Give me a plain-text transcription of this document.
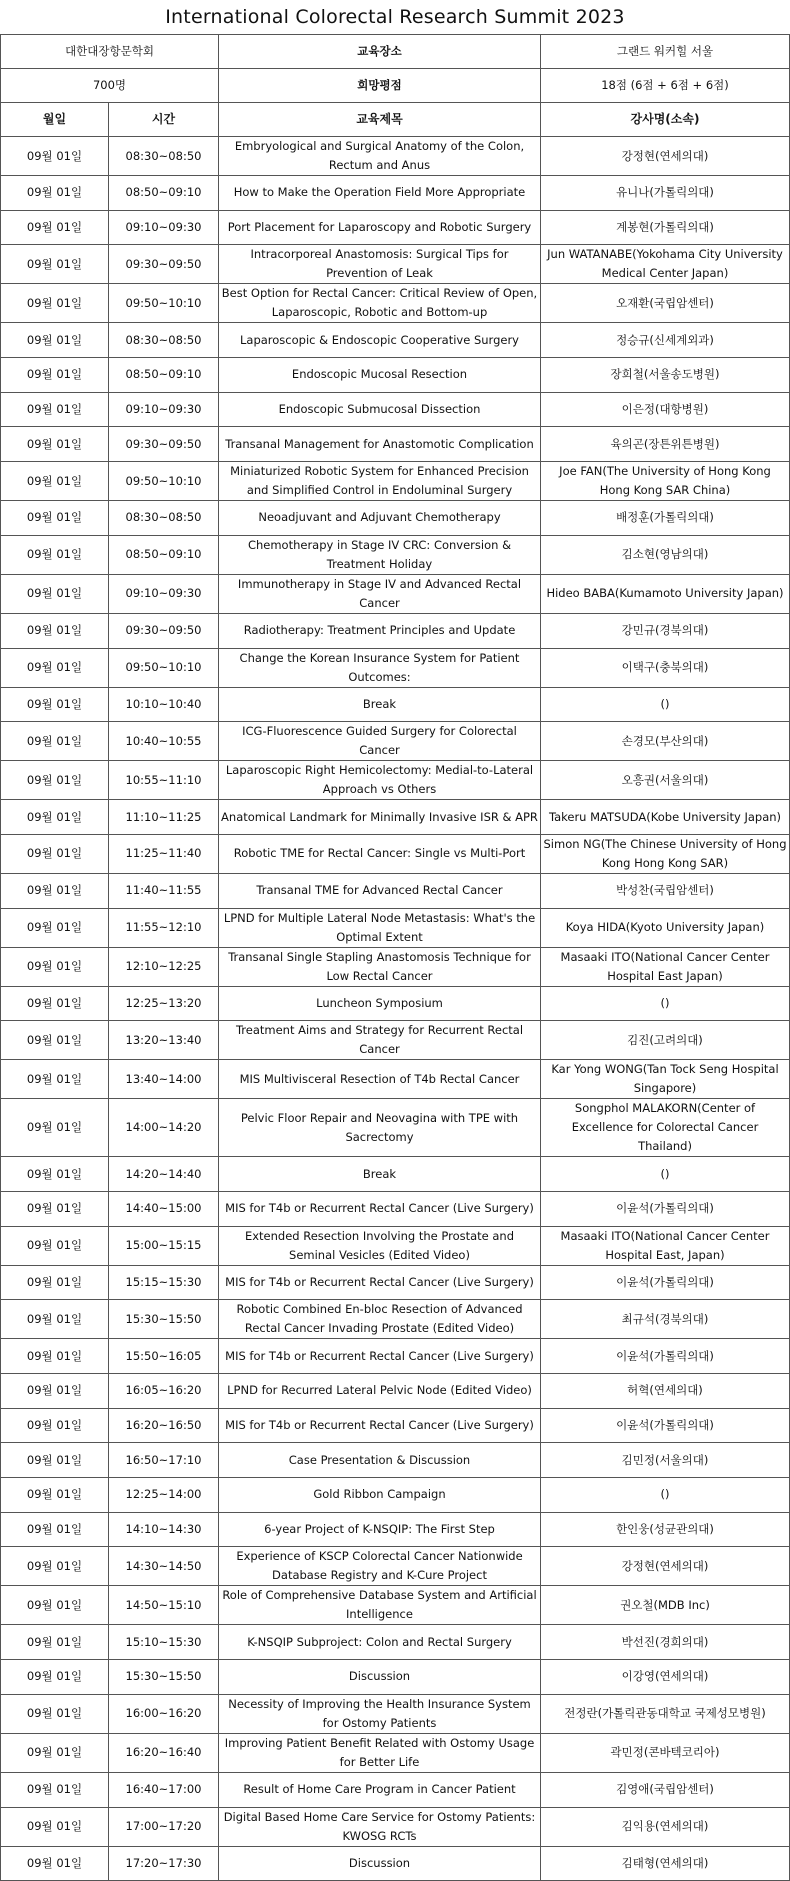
International Colorectal Research Summit 2023
대한대장항문학회		교육장소	그랜드 워커힐 서울
700명		희망평점	18점 (6점 + 6점 + 6점)
월일	시간	교육제목	강사명(소속)
09월 01일	08:30~08:50	Embryological and Surgical Anatomy of the Colon, Rectum and Anus	강정현(연세의대)
09월 01일	08:50~09:10	How to Make the Operation Field More Appropriate	유니나(가톨릭의대)
09월 01일	09:10~09:30	Port Placement for Laparoscopy and Robotic Surgery	계봉현(가톨릭의대)
09월 01일	09:30~09:50	Intracorporeal Anastomosis: Surgical Tips for Prevention of Leak	Jun WATANABE(Yokohama City University Medical Center Japan)
09월 01일	09:50~10:10	Best Option for Rectal Cancer: Critical Review of Open, Laparoscopic, Robotic and Bottom-up	오재환(국립암센터)
09월 01일	08:30~08:50	Laparoscopic & Endoscopic Cooperative Surgery	정승규(신세계외과)
09월 01일	08:50~09:10	Endoscopic Mucosal Resection	장희철(서울송도병원)
09월 01일	09:10~09:30	Endoscopic Submucosal Dissection	이은정(대항병원)
09월 01일	09:30~09:50	Transanal Management for Anastomotic Complication	육의곤(장튼위튼병원)
09월 01일	09:50~10:10	Miniaturized Robotic System for Enhanced Precision and Simplified Control in Endoluminal Surgery	Joe FAN(The University of Hong Kong Hong Kong SAR China)
09월 01일	08:30~08:50	Neoadjuvant and Adjuvant Chemotherapy	배정훈(가톨릭의대)
09월 01일	08:50~09:10	Chemotherapy in Stage IV CRC: Conversion & Treatment Holiday	김소현(영남의대)
09월 01일	09:10~09:30	Immunotherapy in Stage IV and Advanced Rectal Cancer	Hideo BABA(Kumamoto University Japan)
09월 01일	09:30~09:50	Radiotherapy: Treatment Principles and Update	강민규(경북의대)
09월 01일	09:50~10:10	Change the Korean Insurance System for Patient Outcomes:	이택구(충북의대)
09월 01일	10:10~10:40	Break	()
09월 01일	10:40~10:55	ICG-Fluorescence Guided Surgery for Colorectal Cancer	손경모(부산의대)
09월 01일	10:55~11:10	Laparoscopic Right Hemicolectomy: Medial-to-Lateral Approach vs Others	오흥권(서울의대)
09월 01일	11:10~11:25	Anatomical Landmark for Minimally Invasive ISR & APR	Takeru MATSUDA(Kobe University Japan)
09월 01일	11:25~11:40	Robotic TME for Rectal Cancer: Single vs Multi-Port	Simon NG(The Chinese University of Hong Kong Hong Kong SAR)
09월 01일	11:40~11:55	Transanal TME for Advanced Rectal Cancer	박성찬(국립암센터)
09월 01일	11:55~12:10	LPND for Multiple Lateral Node Metastasis: What's the Optimal Extent	Koya HIDA(Kyoto University Japan)
09월 01일	12:10~12:25	Transanal Single Stapling Anastomosis Technique for Low Rectal Cancer	Masaaki ITO(National Cancer Center Hospital East Japan)
09월 01일	12:25~13:20	Luncheon Symposium	()
09월 01일	13:20~13:40	Treatment Aims and Strategy for Recurrent Rectal Cancer	김진(고려의대)
09월 01일	13:40~14:00	MIS Multivisceral Resection of T4b Rectal Cancer	Kar Yong WONG(Tan Tock Seng Hospital Singapore)
09월 01일	14:00~14:20	Pelvic Floor Repair and Neovagina with TPE with Sacrectomy	Songphol MALAKORN(Center of Excellence for Colorectal Cancer Thailand)
09월 01일	14:20~14:40	Break	()
09월 01일	14:40~15:00	MIS for T4b or Recurrent Rectal Cancer (Live Surgery)	이윤석(가톨릭의대)
09월 01일	15:00~15:15	Extended Resection Involving the Prostate and Seminal Vesicles (Edited Video)	Masaaki ITO(National Cancer Center Hospital East, Japan)
09월 01일	15:15~15:30	MIS for T4b or Recurrent Rectal Cancer (Live Surgery)	이윤석(가톨릭의대)
09월 01일	15:30~15:50	Robotic Combined En-bloc Resection of Advanced Rectal Cancer Invading Prostate (Edited Video)	최규석(경북의대)
09월 01일	15:50~16:05	MIS for T4b or Recurrent Rectal Cancer (Live Surgery)	이윤석(가톨릭의대)
09월 01일	16:05~16:20	LPND for Recurred Lateral Pelvic Node (Edited Video)	허혁(연세의대)
09월 01일	16:20~16:50	MIS for T4b or Recurrent Rectal Cancer (Live Surgery)	이윤석(가톨릭의대)
09월 01일	16:50~17:10	Case Presentation & Discussion	김민정(서울의대)
09월 01일	12:25~14:00	Gold Ribbon Campaign	()
09월 01일	14:10~14:30	6-year Project of K-NSQIP: The First Step	한인웅(성균관의대)
09월 01일	14:30~14:50	Experience of KSCP Colorectal Cancer Nationwide Database Registry and K-Cure Project	강정현(연세의대)
09월 01일	14:50~15:10	Role of Comprehensive Database System and Artificial Intelligence	권오철(MDB Inc)
09월 01일	15:10~15:30	K-NSQIP Subproject: Colon and Rectal Surgery	박선진(경희의대)
09월 01일	15:30~15:50	Discussion	이강영(연세의대)
09월 01일	16:00~16:20	Necessity of Improving the Health Insurance System for Ostomy Patients	전정란(가톨릭관동대학교 국제성모병원)
09월 01일	16:20~16:40	Improving Patient Benefit Related with Ostomy Usage for Better Life	곽민정(콘바텍코리아)
09월 01일	16:40~17:00	Result of Home Care Program in Cancer Patient	김영애(국립암센터)
09월 01일	17:00~17:20	Digital Based Home Care Service for Ostomy Patients: KWOSG RCTs	김익용(연세의대)
09월 01일	17:20~17:30	Discussion	김태형(연세의대)
